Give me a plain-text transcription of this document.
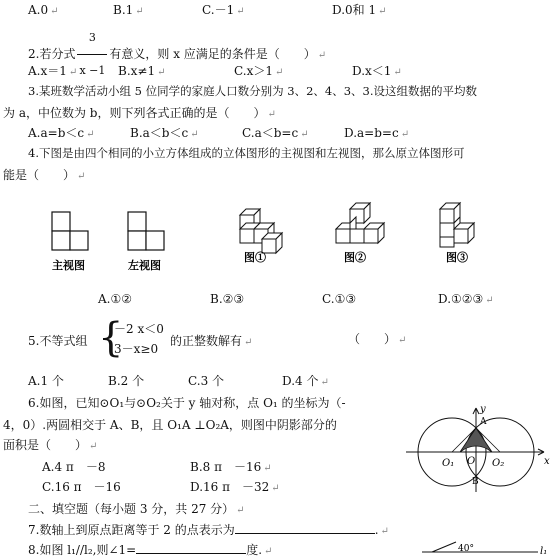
A.0 ↵	B.1 ↵	C.－1 ↵	D.0和 1 ↵
2.若分式 $\frac{3}{x -1}$ 有意义，则 x 应满足的条件是（　　） ↵
A.x＝1 ↵	B.x≠1 ↵	C.x＞1 ↵	D.x＜1 ↵
3.某班数学活动小组 5 位同学的家庭人口数分别为 3、2、4、3、3.设这组数据的平均数
为 a，中位数为 b，则下列各式正确的是（　　） ↵
A.a=b＜c ↵	B.a＜b＜c ↵	C.a＜b=c ↵	D.a=b=c ↵
4.下图是由四个相同的小立方体组成的立体图形的主视图和左视图，那么原立体图形可
能是（　　） ↵
主视图	左视图
图①	图②	图③
A.①②	B.②③	C.①③	D.①②③ ↵
5.不等式组 {
－2 x＜0
3－x≥0
的正整数解有 ↵	（　　） ↵
A.1 个	B.2 个	C.3 个	D.4 个 ↵
6.如图，已知⊙O₁与⊙O₂关于 y 轴对称，点 O₁ 的坐标为（-
4，0）.两圆相交于 A、B，且 O₁A ⊥O₂A，则图中阴影部分的
面积是（　　） ↵
A.4 π　－8	B.8 π　－16 ↵
C.16 π　－16	D.16 π　－32 ↵
y
x
A
O₁ O O₂
B
二、填空题（每小题 3 分，共 27 分） ↵
7.数轴上到原点距离等于 2 的点表示为	. ↵
8.如图 l₁//l₂,则∠1=	度. ↵	40°	l₁
